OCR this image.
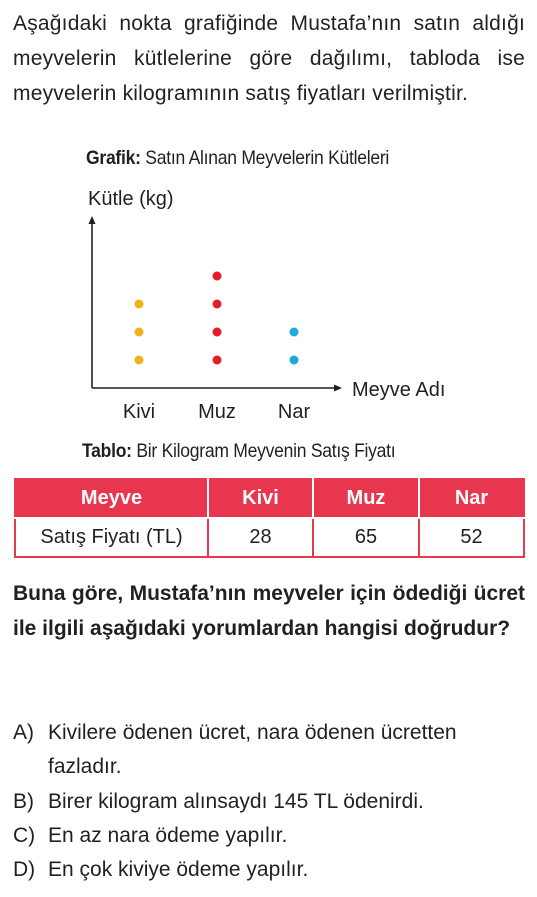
Aşağıdaki nokta grafiğinde Mustafa’nın satın aldığı meyvelerin kütlelerine göre dağılımı, tabloda ise meyvelerin kilogramının satış fiyatları verilmiştir.

Grafik: Satın Alınan Meyvelerin Kütleleri
Kütle (kg)
Meyve Adı
Kivi Muz Nar
Tablo: Bir Kilogram Meyvenin Satış Fiyatı
Meyve	Kivi	Muz	Nar
Satış Fiyatı (TL)	28	65	52

Buna göre, Mustafa’nın meyveler için ödediği ücret ile ilgili aşağıdaki yorumlardan hangisi doğrudur?

A) Kivilere ödenen ücret, nara ödenen ücretten fazladır.
B) Birer kilogram alınsaydı 145 TL ödenirdi.
C) En az nara ödeme yapılır.
D) En çok kiviye ödeme yapılır.
